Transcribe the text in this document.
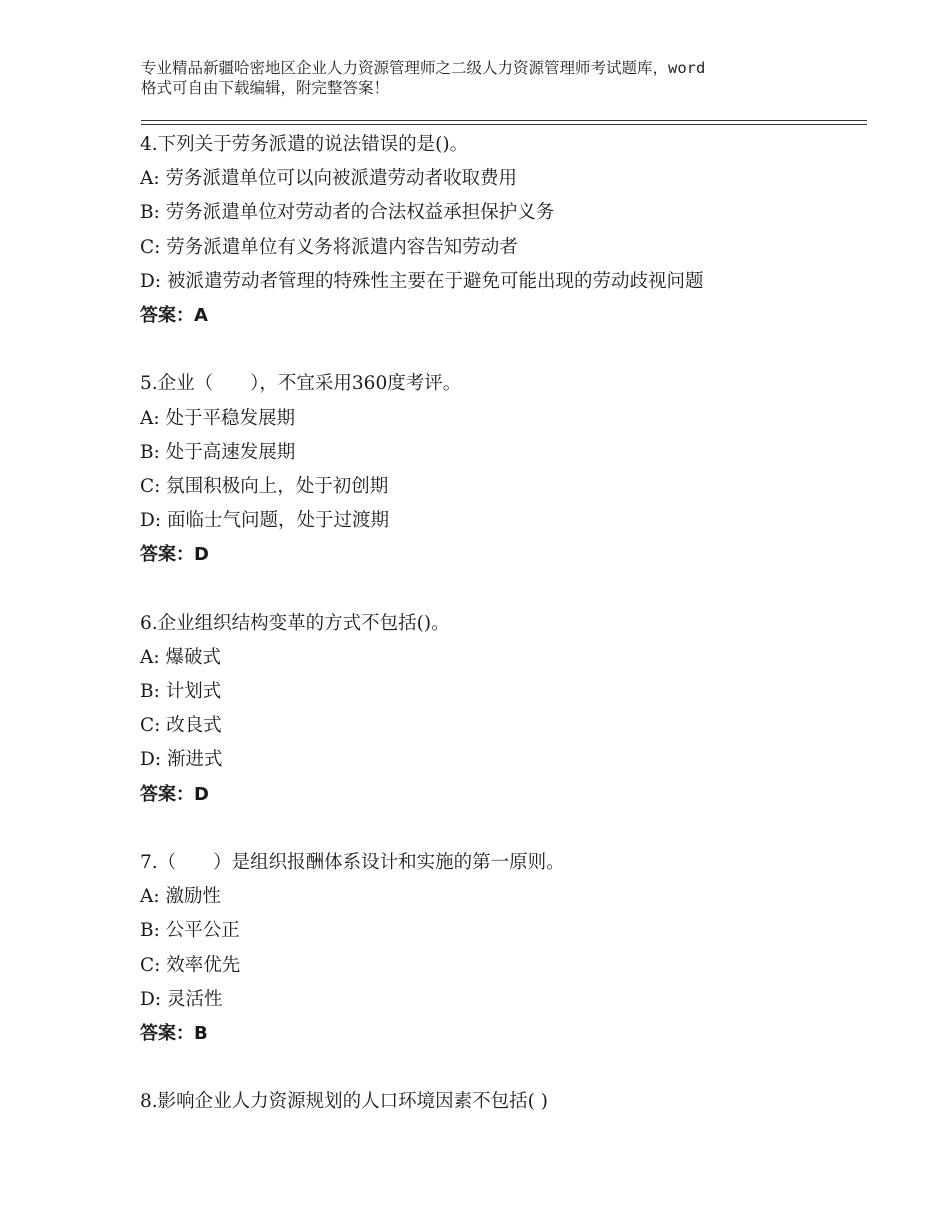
专业精品新疆哈密地区企业人力资源管理师之二级人力资源管理师考试题库，word
格式可自由下载编辑，附完整答案！
4.下列关于劳务派遣的说法错误的是()。
A: 劳务派遣单位可以向被派遣劳动者收取费用
B: 劳务派遣单位对劳动者的合法权益承担保护义务
C: 劳务派遣单位有义务将派遣内容告知劳动者
D: 被派遣劳动者管理的特殊性主要在于避免可能出现的劳动歧视问题
答案：A
5.企业（　　），不宜采用360度考评。
A: 处于平稳发展期
B: 处于高速发展期
C: 氛围积极向上，处于初创期
D: 面临士气问题，处于过渡期
答案：D
6.企业组织结构变革的方式不包括()。
A: 爆破式
B: 计划式
C: 改良式
D: 渐进式
答案：D
7.（　　）是组织报酬体系设计和实施的第一原则。
A: 激励性
B: 公平公正
C: 效率优先
D: 灵活性
答案：B
8.影响企业人力资源规划的人口环境因素不包括( )
